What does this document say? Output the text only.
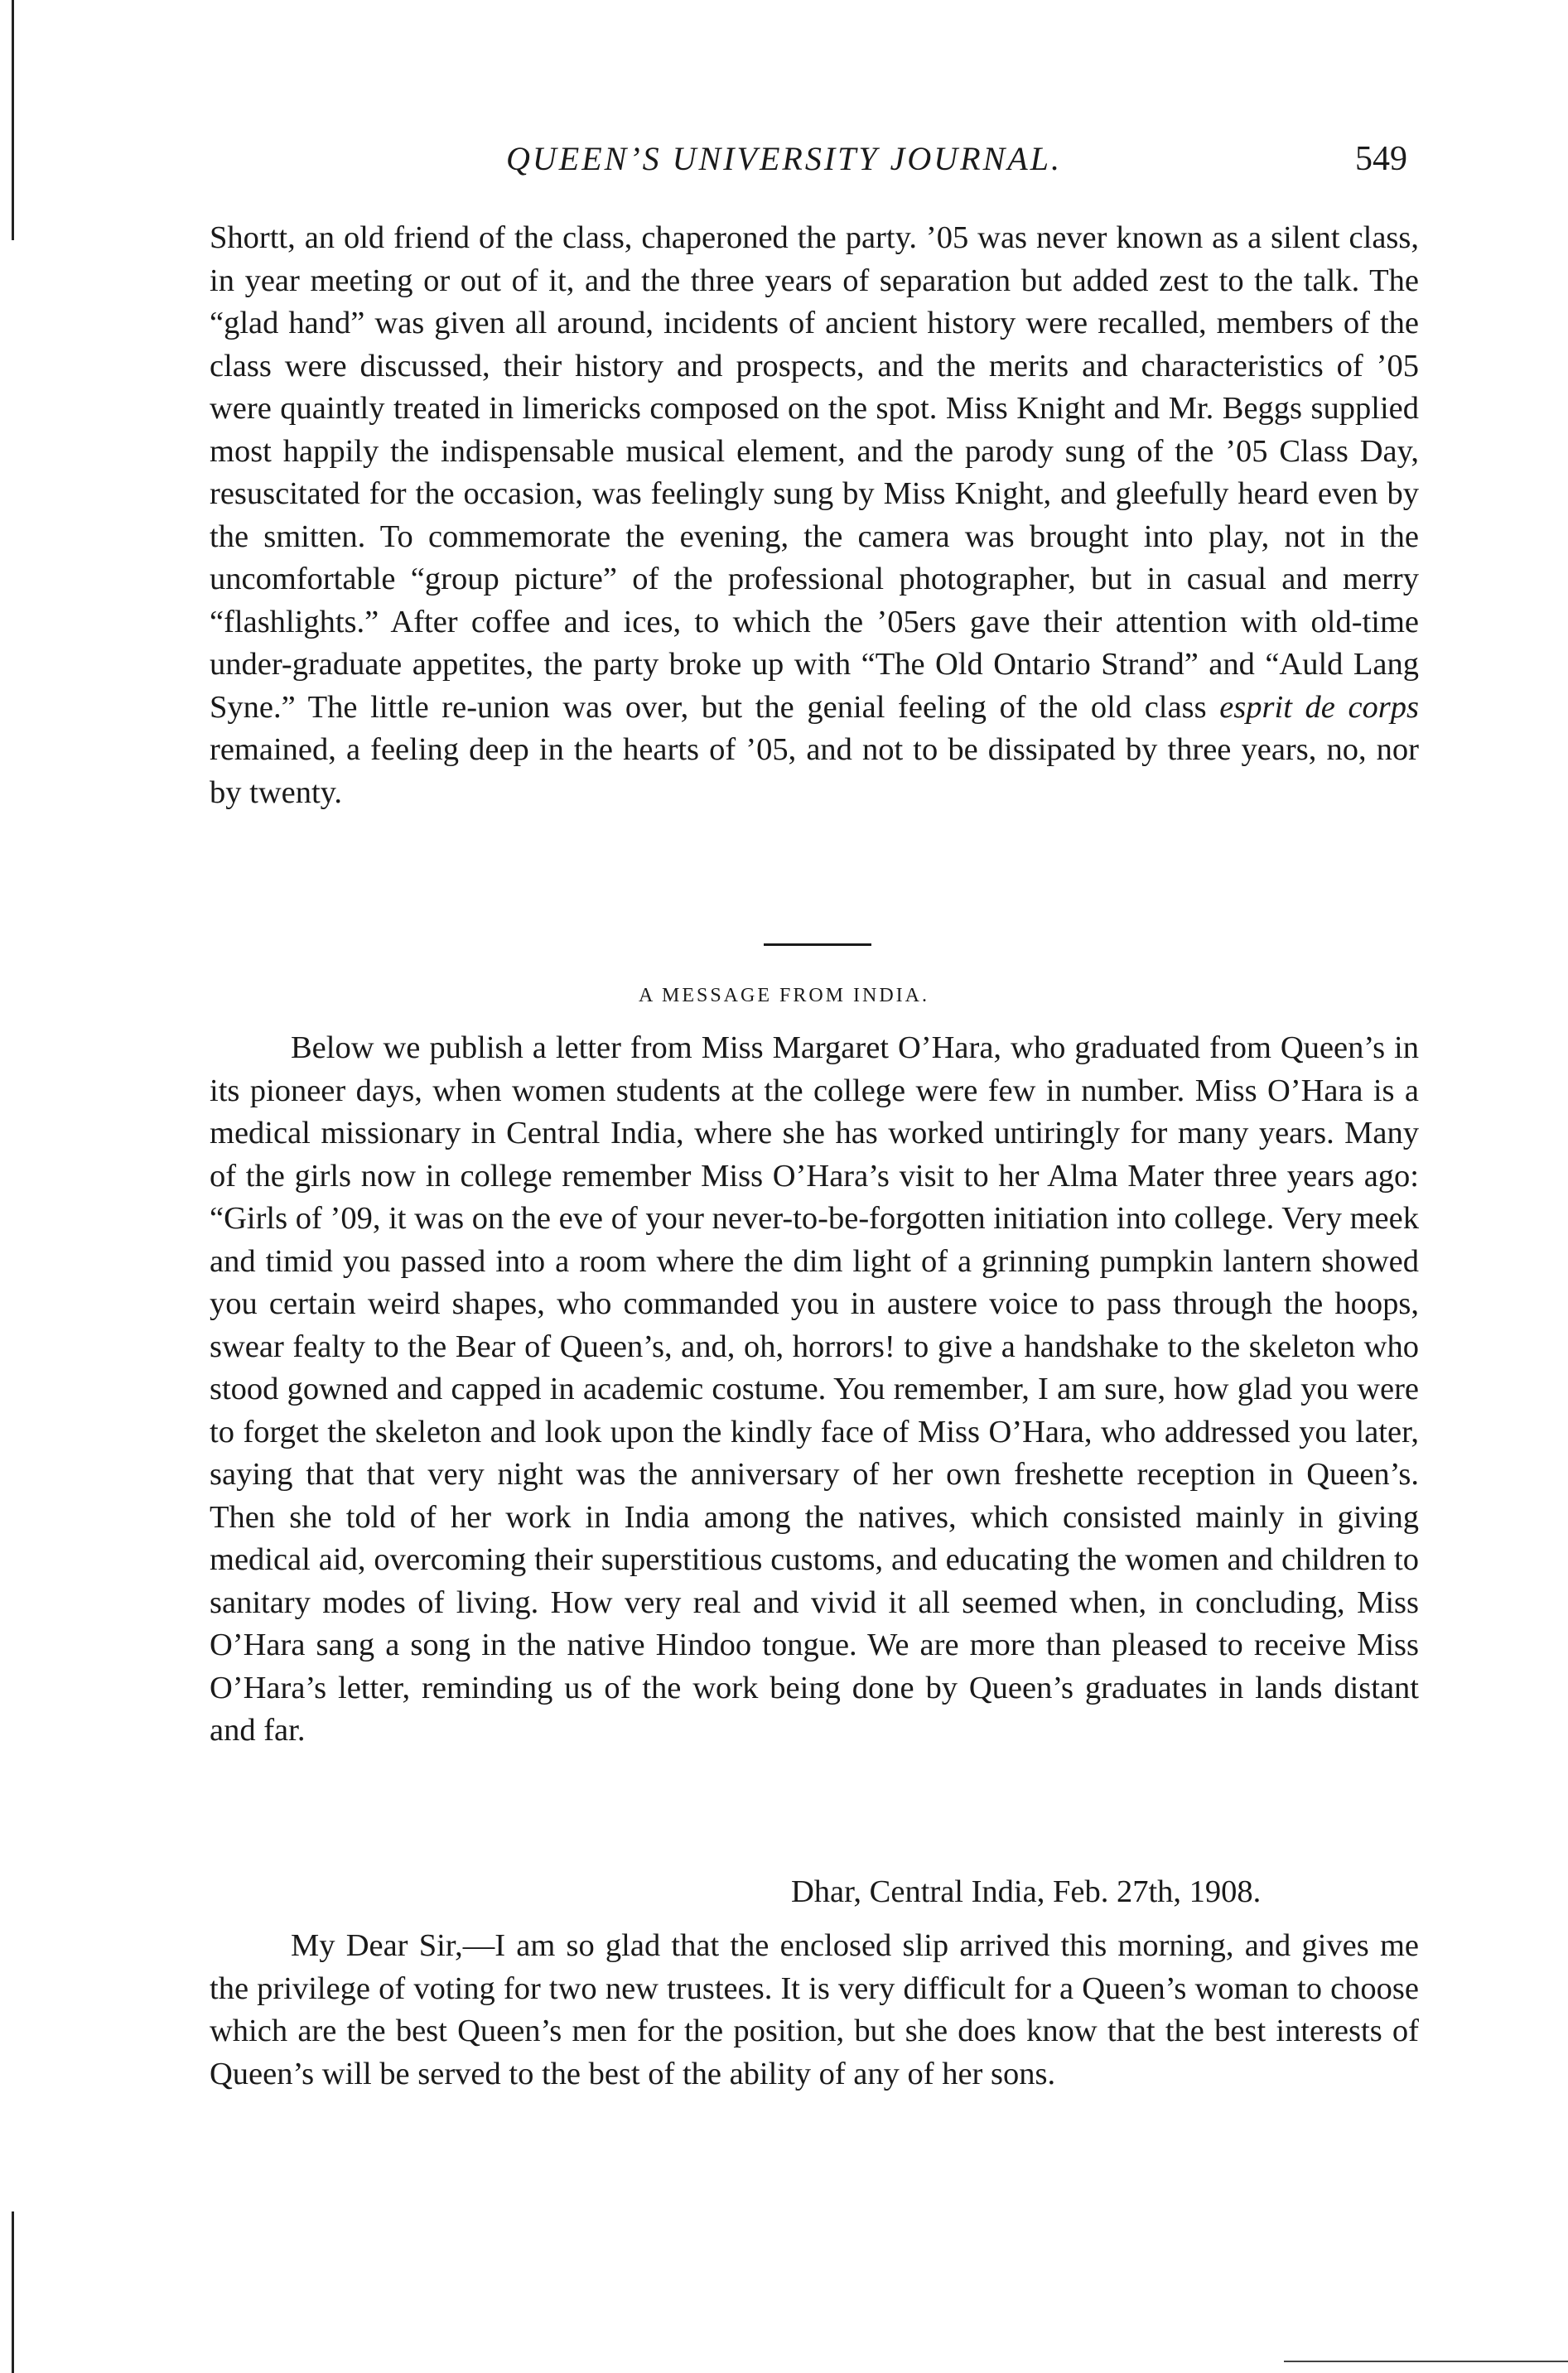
QUEEN’S UNIVERSITY JOURNAL.	549

Shortt, an old friend of the class, chaperoned the party. ’05 was never known as a silent class, in year meeting or out of it, and the three years of separation but added zest to the talk. The “glad hand” was given all around, incidents of ancient history were recalled, members of the class were discussed, their history and prospects, and the merits and characteristics of ’05 were quaintly treated in limericks composed on the spot. Miss Knight and Mr. Beggs supplied most happily the indispensable musical element, and the parody sung of the ’05 Class Day, resuscitated for the occasion, was feelingly sung by Miss Knight, and gleefully heard even by the smitten. To commemorate the evening, the camera was brought into play, not in the uncomfortable “group picture” of the professional photographer, but in casual and merry “flashlights.” After coffee and ices, to which the ’05ers gave their attention with old-time under-graduate appetites, the party broke up with “The Old Ontario Strand” and “Auld Lang Syne.” The little re-union was over, but the genial feeling of the old class esprit de corps remained, a feeling deep in the hearts of ’05, and not to be dissipated by three years, no, nor by twenty.

A MESSAGE FROM INDIA.

Below we publish a letter from Miss Margaret O’Hara, who graduated from Queen’s in its pioneer days, when women students at the college were few in number. Miss O’Hara is a medical missionary in Central India, where she has worked untiringly for many years. Many of the girls now in college remember Miss O’Hara’s visit to her Alma Mater three years ago: “Girls of ’09, it was on the eve of your never-to-be-forgotten initiation into college. Very meek and timid you passed into a room where the dim light of a grinning pumpkin lantern showed you certain weird shapes, who commanded you in austere voice to pass through the hoops, swear fealty to the Bear of Queen’s, and, oh, horrors! to give a handshake to the skeleton who stood gowned and capped in academic costume. You remember, I am sure, how glad you were to forget the skeleton and look upon the kindly face of Miss O’Hara, who addressed you later, saying that that very night was the anniversary of her own freshette reception in Queen’s. Then she told of her work in India among the natives, which consisted mainly in giving medical aid, overcoming their superstitious customs, and educating the women and children to sanitary modes of living. How very real and vivid it all seemed when, in concluding, Miss O’Hara sang a song in the native Hindoo tongue. We are more than pleased to receive Miss O’Hara’s letter, reminding us of the work being done by Queen’s graduates in lands distant and far.

Dhar, Central India, Feb. 27th, 1908.

My Dear Sir,—I am so glad that the enclosed slip arrived this morning, and gives me the privilege of voting for two new trustees. It is very difficult for a Queen’s woman to choose which are the best Queen’s men for the position, but she does know that the best interests of Queen’s will be served to the best of the ability of any of her sons.
